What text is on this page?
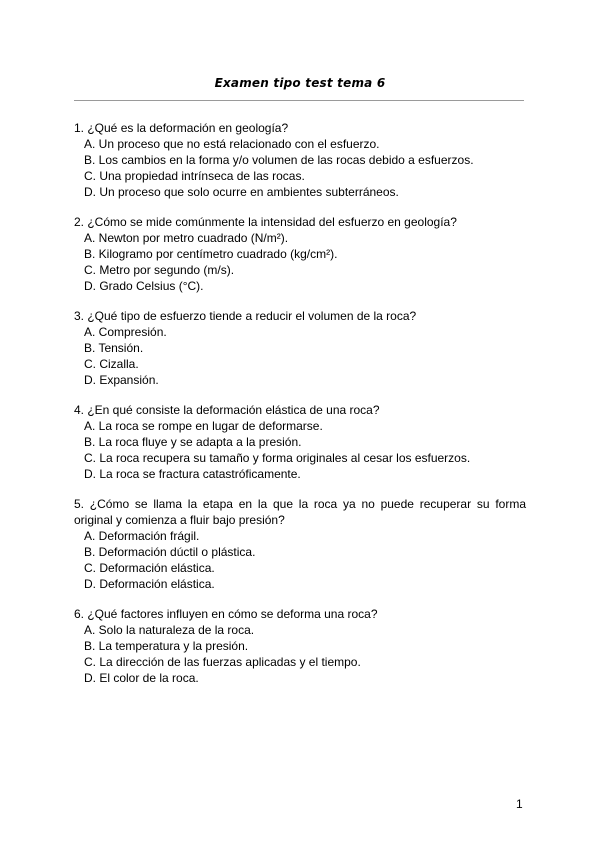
Examen tipo test tema 6
1. ¿Qué es la deformación en geología?
A. Un proceso que no está relacionado con el esfuerzo.
B. Los cambios en la forma y/o volumen de las rocas debido a esfuerzos.
C. Una propiedad intrínseca de las rocas.
D. Un proceso que solo ocurre en ambientes subterráneos.
2. ¿Cómo se mide comúnmente la intensidad del esfuerzo en geología?
A. Newton por metro cuadrado (N/m²).
B. Kilogramo por centímetro cuadrado (kg/cm²).
C. Metro por segundo (m/s).
D. Grado Celsius (°C).
3. ¿Qué tipo de esfuerzo tiende a reducir el volumen de la roca?
A. Compresión.
B. Tensión.
C. Cizalla.
D. Expansión.
4. ¿En qué consiste la deformación elástica de una roca?
A. La roca se rompe en lugar de deformarse.
B. La roca fluye y se adapta a la presión.
C. La roca recupera su tamaño y forma originales al cesar los esfuerzos.
D. La roca se fractura catastróficamente.
5. ¿Cómo se llama la etapa en la que la roca ya no puede recuperar su forma original y comienza a fluir bajo presión?
A. Deformación frágil.
B. Deformación dúctil o plástica.
C. Deformación elástica.
D. Deformación elástica.
6. ¿Qué factores influyen en cómo se deforma una roca?
A. Solo la naturaleza de la roca.
B. La temperatura y la presión.
C. La dirección de las fuerzas aplicadas y el tiempo.
D. El color de la roca.
1
